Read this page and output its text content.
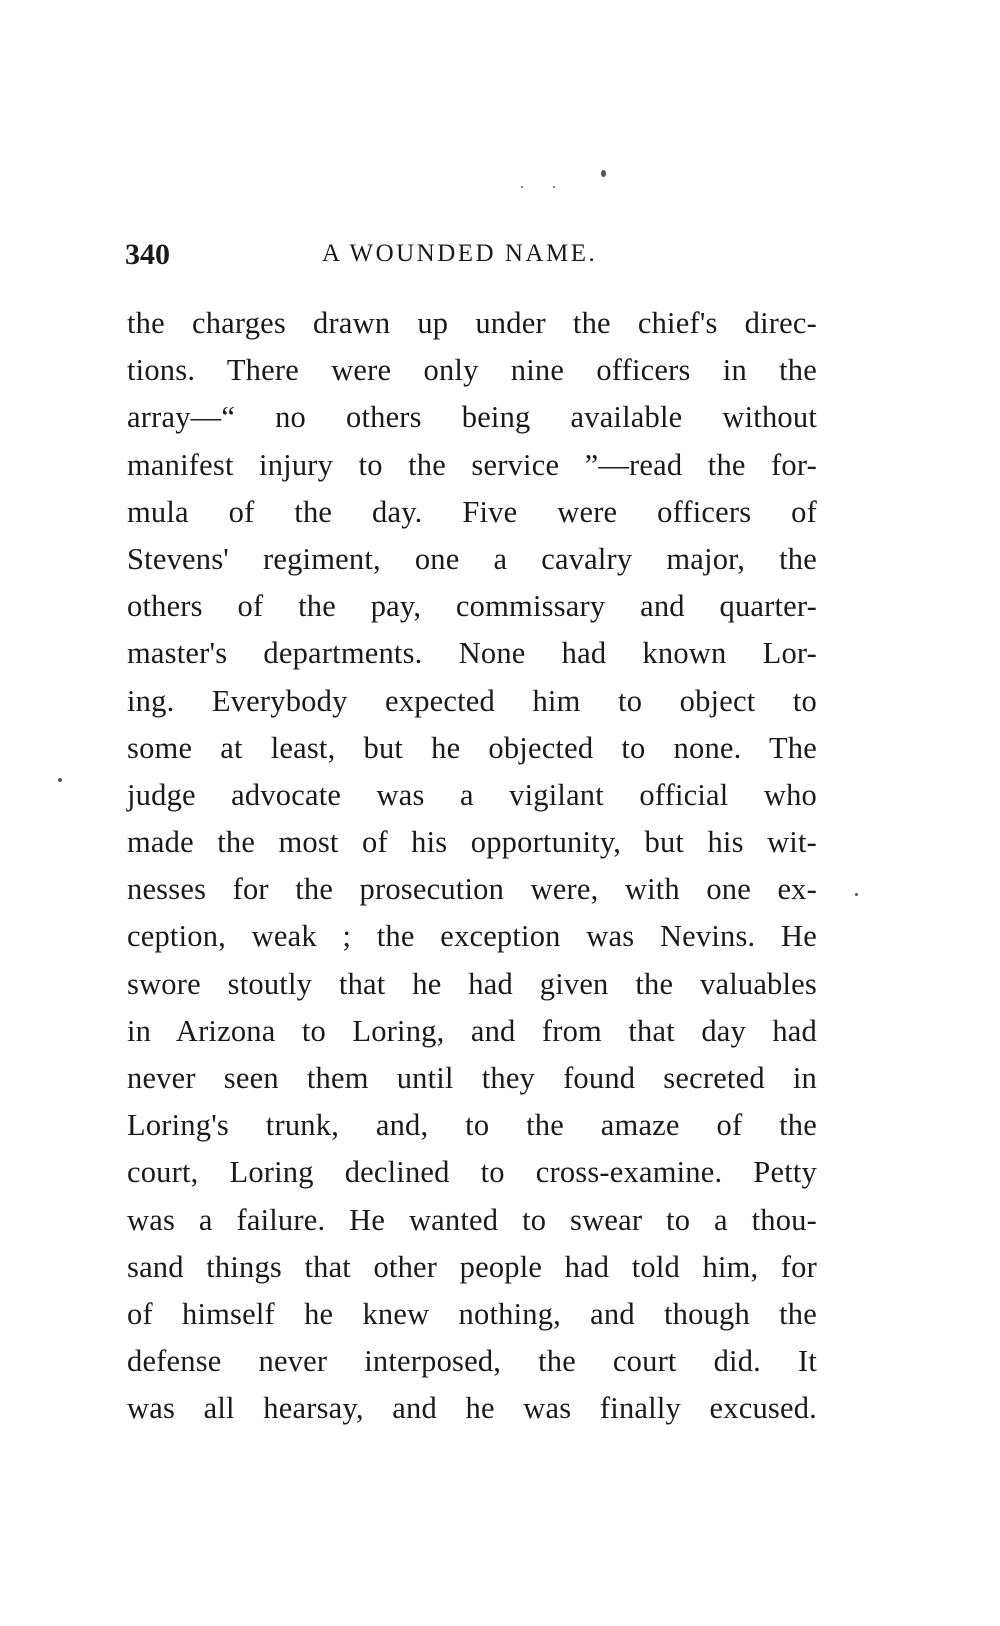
340	A WOUNDED NAME.
the charges drawn up under the chief's direc-
tions. There were only nine officers in the
array—“ no others being available without
manifest injury to the service ”—read the for-
mula of the day. Five were officers of
Stevens' regiment, one a cavalry major, the
others of the pay, commissary and quarter-
master's departments. None had known Lor-
ing. Everybody expected him to object to
some at least, but he objected to none. The
judge advocate was a vigilant official who
made the most of his opportunity, but his wit-
nesses for the prosecution were, with one ex-
ception, weak ; the exception was Nevins. He
swore stoutly that he had given the valuables
in Arizona to Loring, and from that day had
never seen them until they found secreted in
Loring's trunk, and, to the amaze of the
court, Loring declined to cross-examine. Petty
was a failure. He wanted to swear to a thou-
sand things that other people had told him, for
of himself he knew nothing, and though the
defense never interposed, the court did. It
was all hearsay, and he was finally excused.
